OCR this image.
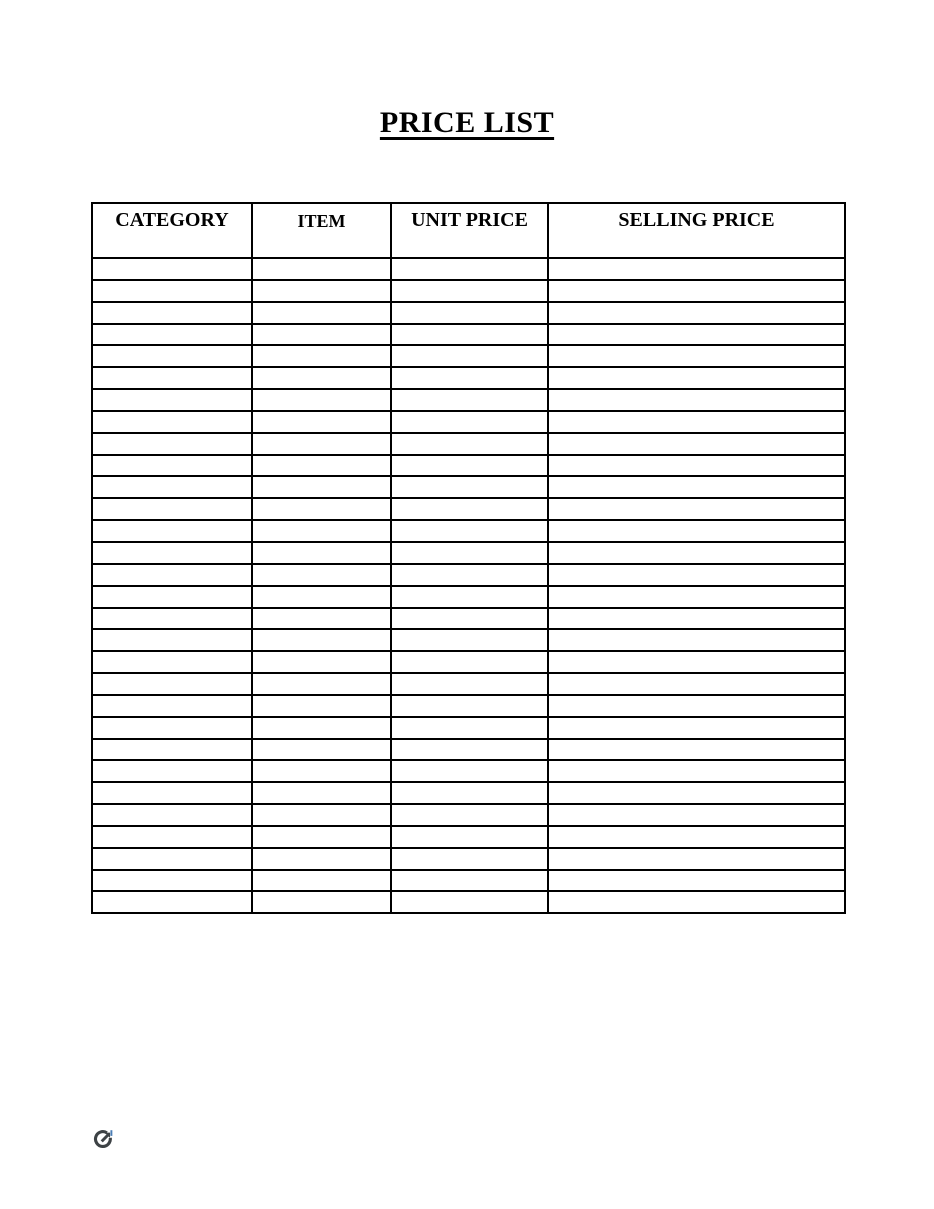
PRICE LIST
CATEGORY	ITEM	UNIT PRICE	SELLING PRICE
